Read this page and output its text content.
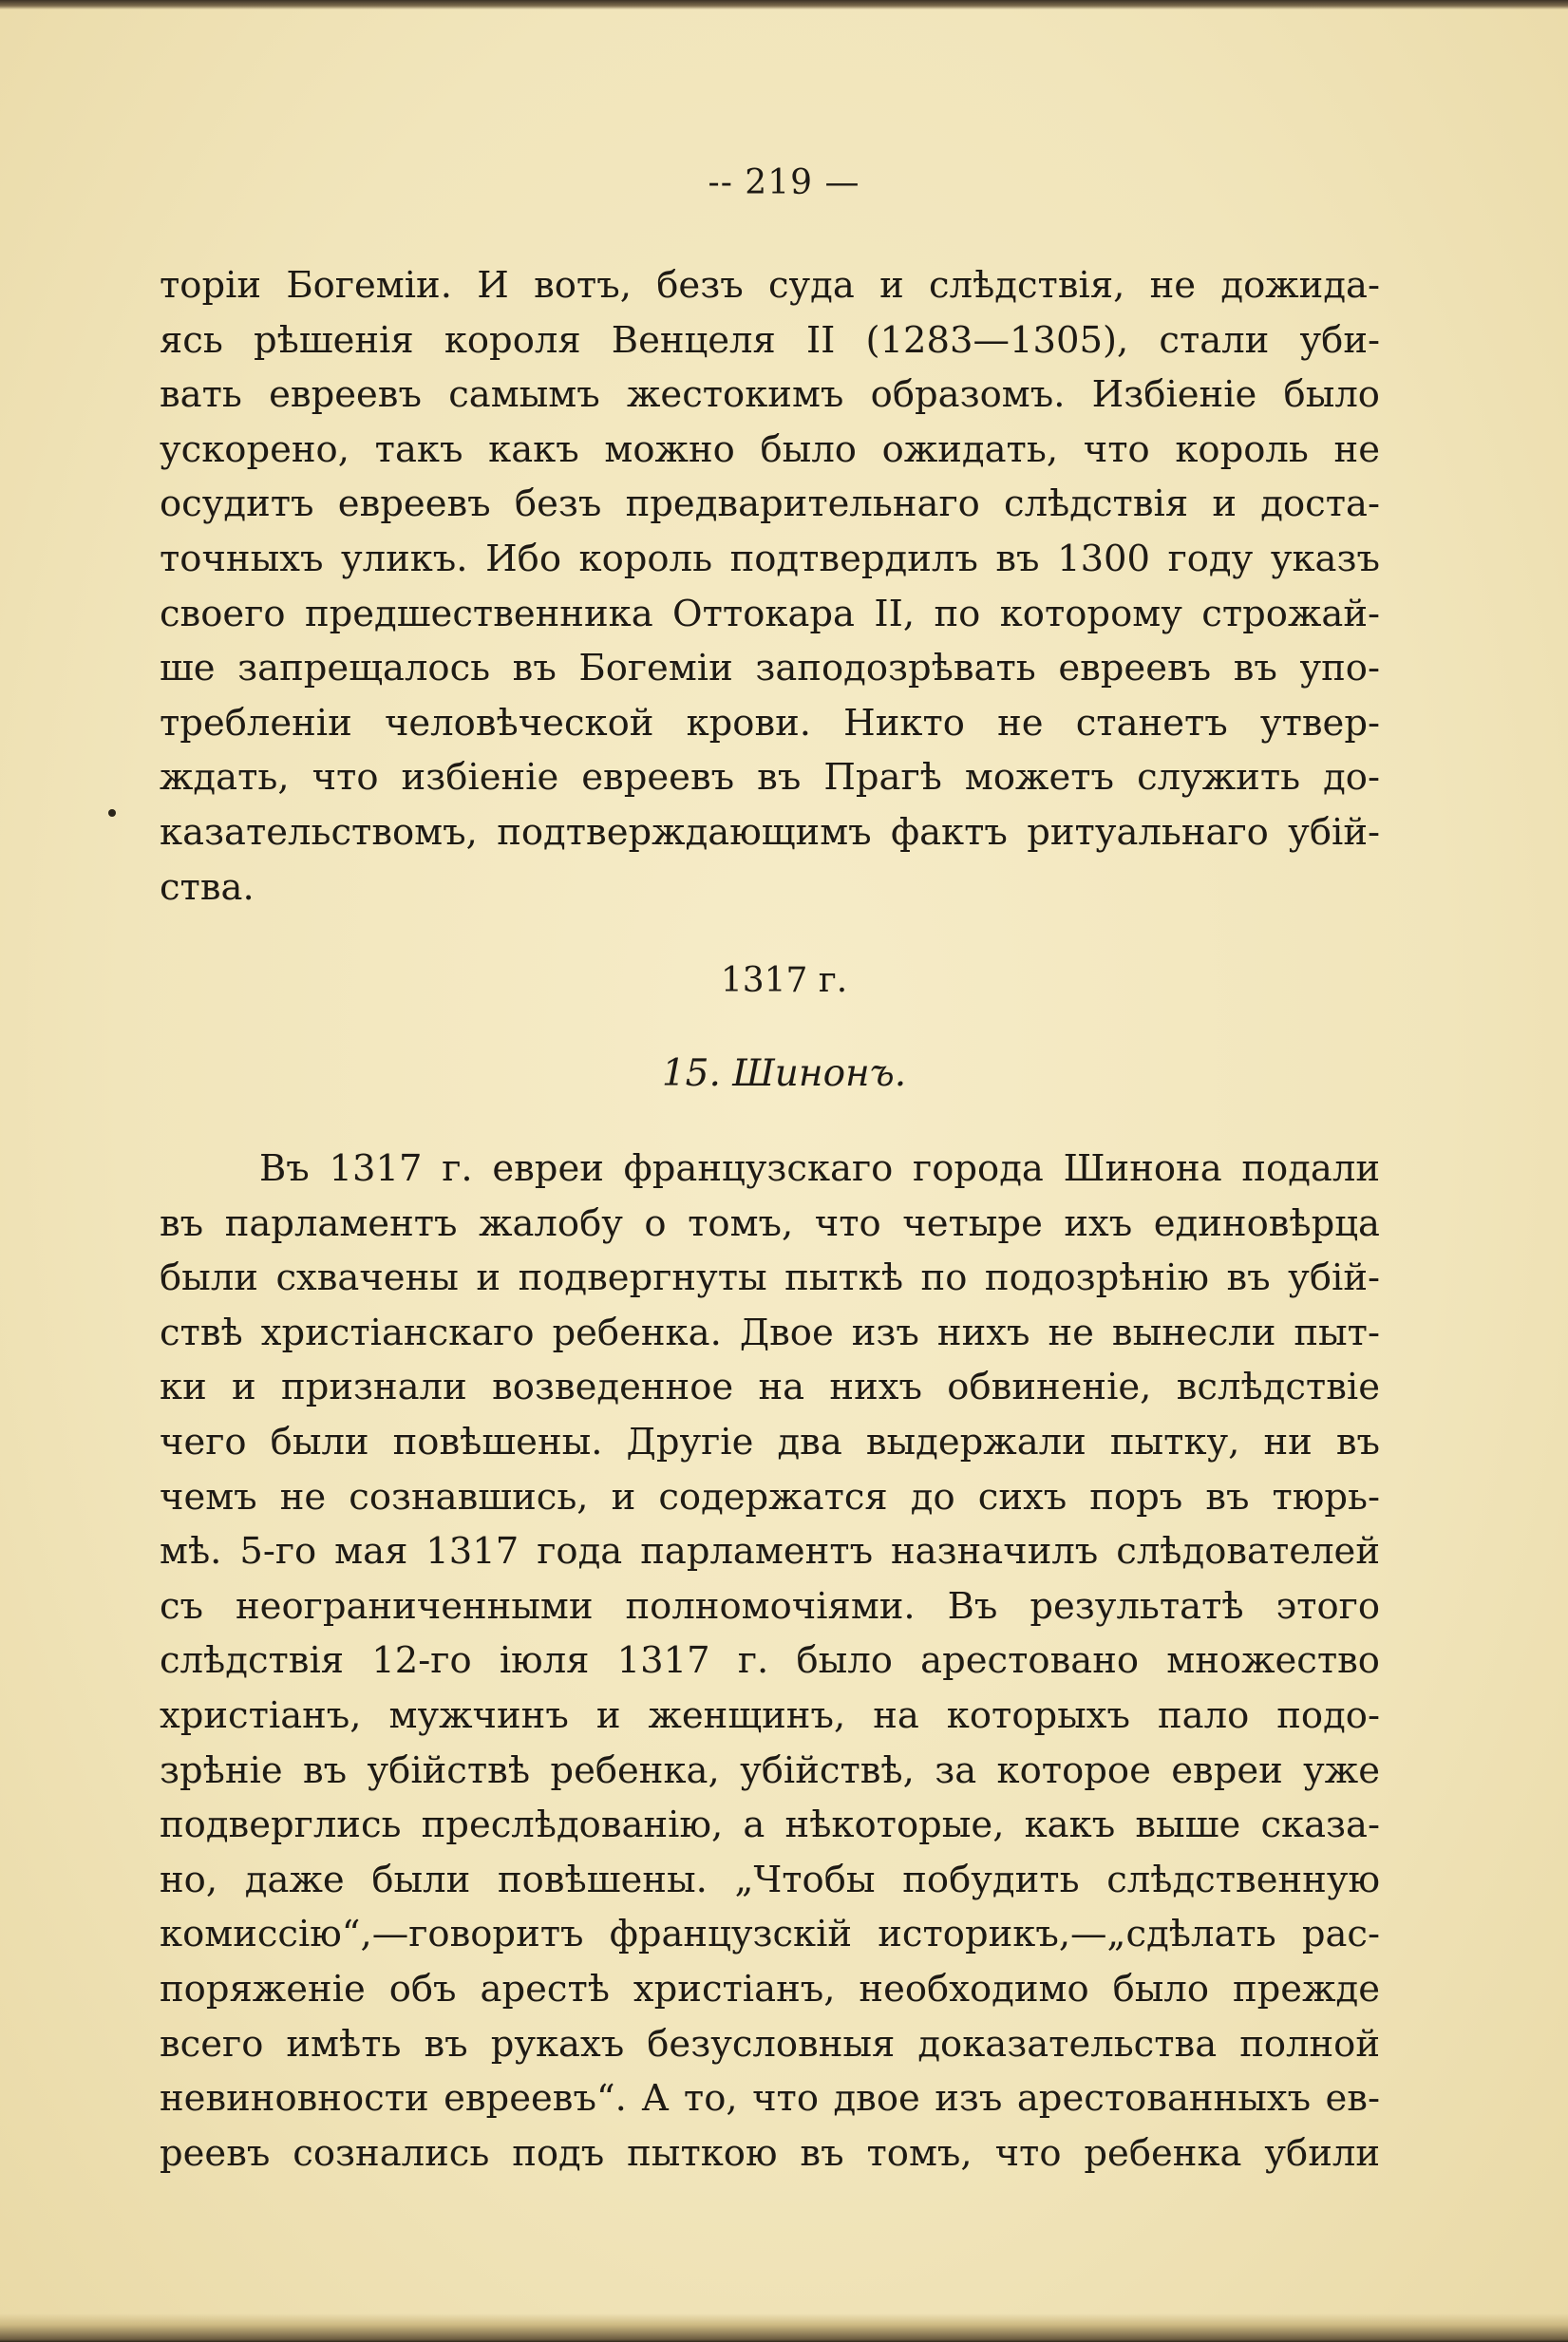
-- 219 —
торіи Богеміи. И вотъ, безъ суда и слѣдствія, не дожида-
ясь рѣшенія короля Венцеля II (1283—1305), стали уби-
вать евреевъ самымъ жестокимъ образомъ. Избіеніе было
ускорено, такъ какъ можно было ожидать, что король не
осудитъ евреевъ безъ предварительнаго слѣдствія и доста-
точныхъ уликъ. Ибо король подтвердилъ въ 1300 году указъ
своего предшественника Оттокара II, по которому строжай-
ше запрещалось въ Богеміи заподозрѣвать евреевъ въ упо-
требленіи человѣческой крови. Никто не станетъ утвер-
ждать, что избіеніе евреевъ въ Прагѣ можетъ служить до-
казательствомъ, подтверждающимъ фактъ ритуальнаго убій-
ства.
1317 г.
15. Шинонъ.
Въ 1317 г. евреи французскаго города Шинона подали
въ парламентъ жалобу о томъ, что четыре ихъ единовѣрца
были схвачены и подвергнуты пыткѣ по подозрѣнію въ убій-
ствѣ христіанскаго ребенка. Двое изъ нихъ не вынесли пыт-
ки и признали возведенное на нихъ обвиненіе, вслѣдствіе
чего были повѣшены. Другіе два выдержали пытку, ни въ
чемъ не сознавшись, и содержатся до сихъ поръ въ тюрь-
мѣ. 5-го мая 1317 года парламентъ назначилъ слѣдователей
съ неограниченными полномочіями. Въ результатѣ этого
слѣдствія 12-го іюля 1317 г. было арестовано множество
христіанъ, мужчинъ и женщинъ, на которыхъ пало подо-
зрѣніе въ убійствѣ ребенка, убійствѣ, за которое евреи уже
подверглись преслѣдованію, а нѣкоторые, какъ выше сказа-
но, даже были повѣшены. „Чтобы побудить слѣдственную
комиссію“,—говоритъ французскій историкъ,—„сдѣлать рас-
поряженіе объ арестѣ христіанъ, необходимо было прежде
всего имѣть въ рукахъ безусловныя доказательства полной
невиновности евреевъ“. А то, что двое изъ арестованныхъ ев-
реевъ сознались подъ пыткою въ томъ, что ребенка убили
